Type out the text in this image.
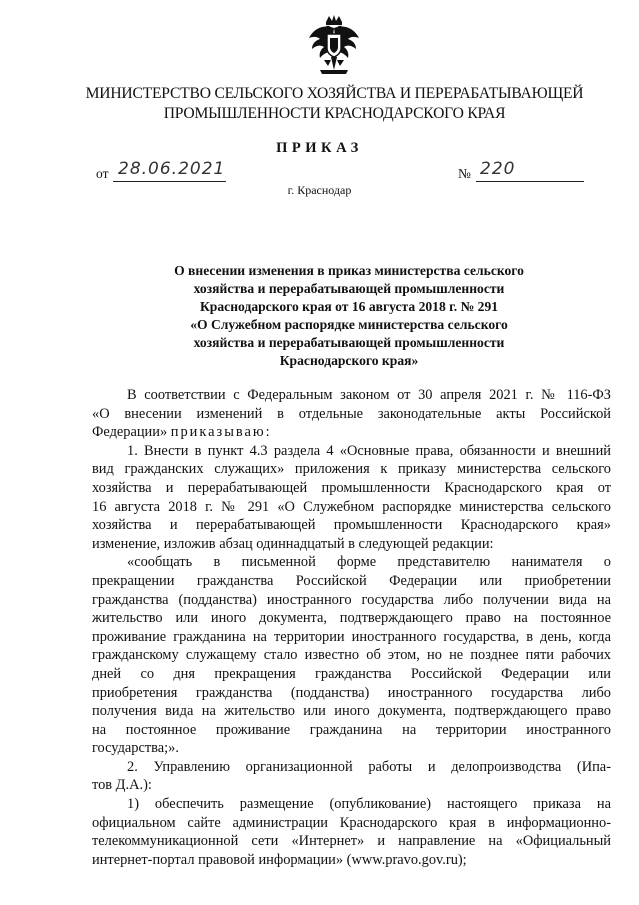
МИНИСТЕРСТВО СЕЛЬСКОГО ХОЗЯЙСТВА И ПЕРЕРАБАТЫВАЮЩЕЙ
ПРОМЫШЛЕННОСТИ КРАСНОДАРСКОГО КРАЯ
ПРИКАЗ
от 28.06.2021	№ 220
г. Краснодар
О внесении изменения в приказ министерства сельского
хозяйства и перерабатывающей промышленности
Краснодарского края от 16 августа 2018 г. № 291
«О Служебном распорядке министерства сельского
хозяйства и перерабатывающей промышленности
Краснодарского края»
В соответствии с Федеральным законом от 30 апреля 2021 г. № 116-ФЗ
«О внесении изменений в отдельные законодательные акты Российской
Федерации» приказываю:
1. Внести в пункт 4.3 раздела 4 «Основные права, обязанности и внешний
вид гражданских служащих» приложения к приказу министерства сельского
хозяйства и перерабатывающей промышленности Краснодарского края от
16 августа 2018 г. № 291 «О Служебном распорядке министерства сельского
хозяйства и перерабатывающей промышленности Краснодарского края»
изменение, изложив абзац одиннадцатый в следующей редакции:
«сообщать в письменной форме представителю нанимателя о
прекращении гражданства Российской Федерации или приобретении
гражданства (подданства) иностранного государства либо получении вида на
жительство или иного документа, подтверждающего право на постоянное
проживание гражданина на территории иностранного государства, в день, когда
гражданскому служащему стало известно об этом, но не позднее пяти рабочих
дней со дня прекращения гражданства Российской Федерации или
приобретения гражданства (подданства) иностранного государства либо
получения вида на жительство или иного документа, подтверждающего право
на постоянное проживание гражданина на территории иностранного
государства;».
2. Управлению организационной работы и делопроизводства (Ипа-
тов Д.А.):
1) обеспечить размещение (опубликование) настоящего приказа на
официальном сайте администрации Краснодарского края в информационно-
телекоммуникационной сети «Интернет» и направление на «Официальный
интернет-портал правовой информации» (www.pravo.gov.ru);
